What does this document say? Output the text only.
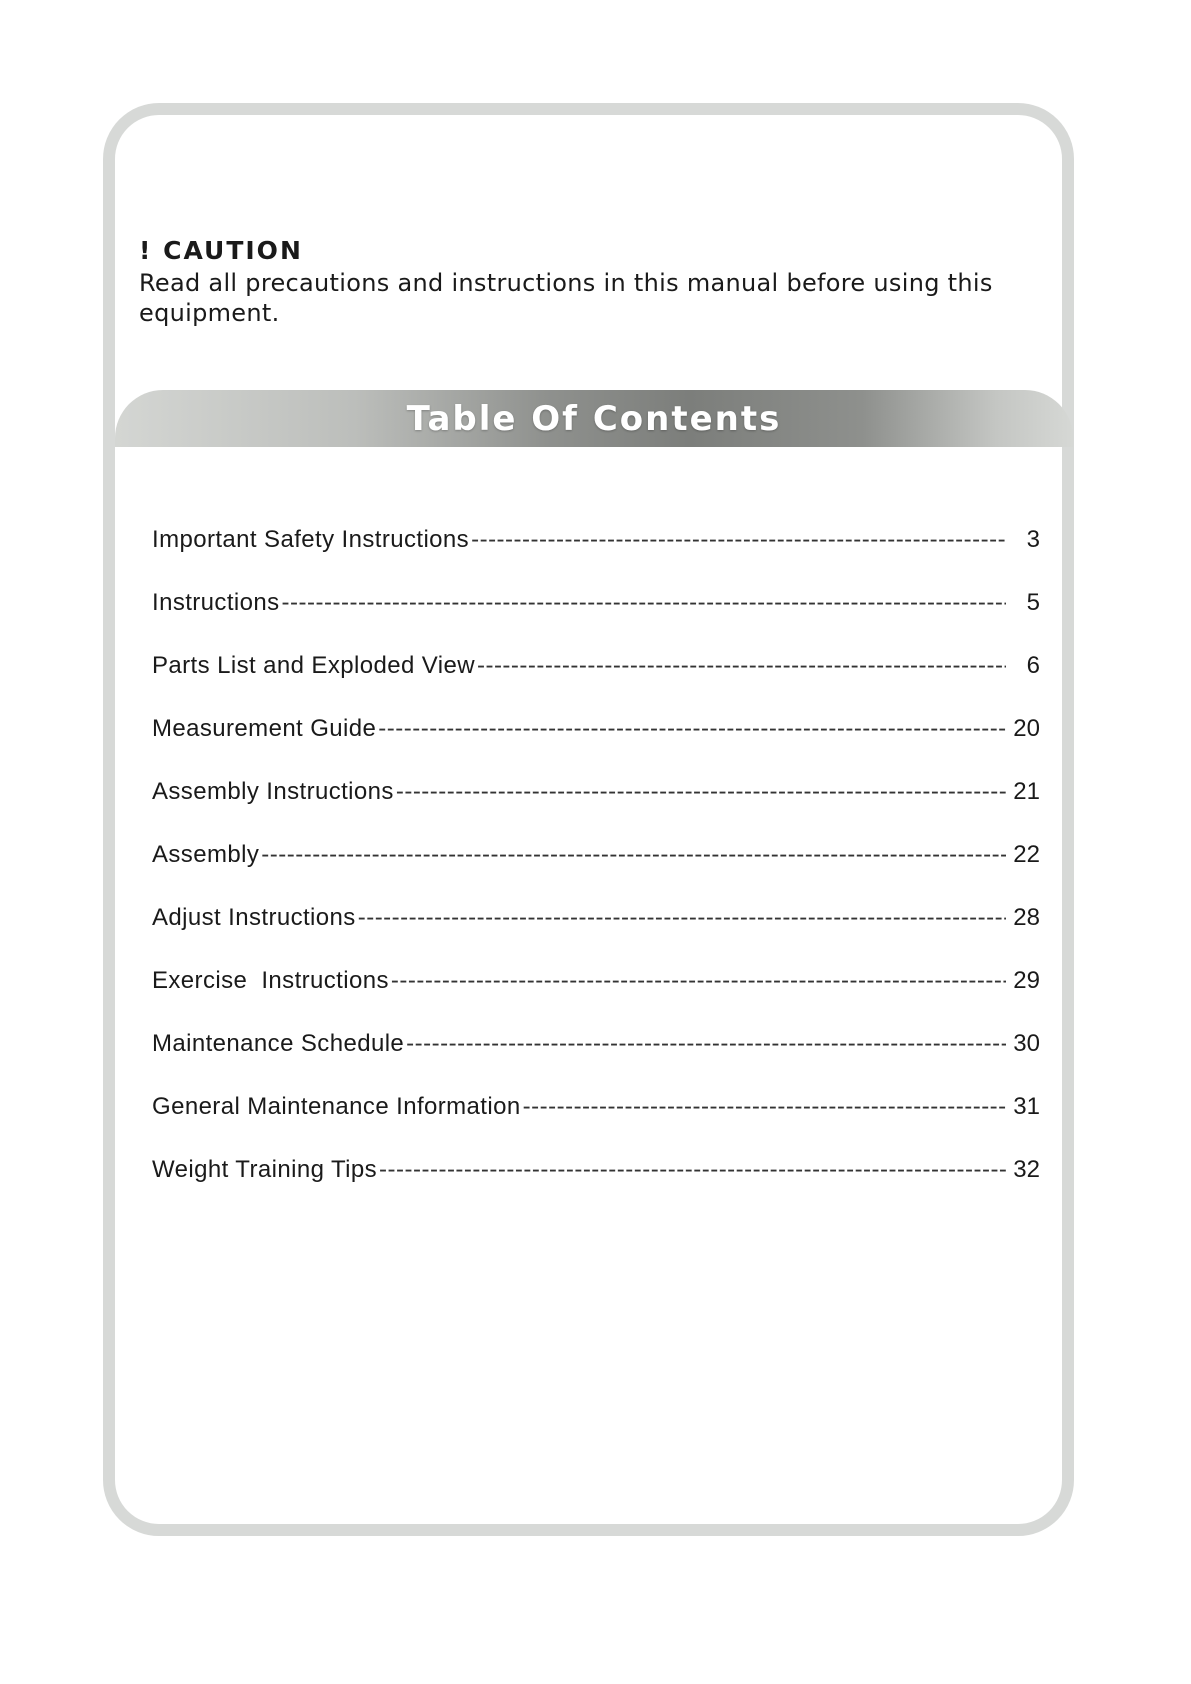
! CAUTION
Read all precautions and instructions in this manual before using this equipment.
Table Of Contents
Important Safety Instructions -----	3
Instructions -----	5
Parts List and Exploded View -----	6
Measurement Guide -----	20
Assembly Instructions -----	21
Assembly -----	22
Adjust Instructions -----	28
Exercise  Instructions -----	29
Maintenance Schedule -----	30
General Maintenance Information -----	31
Weight Training Tips -----	32
